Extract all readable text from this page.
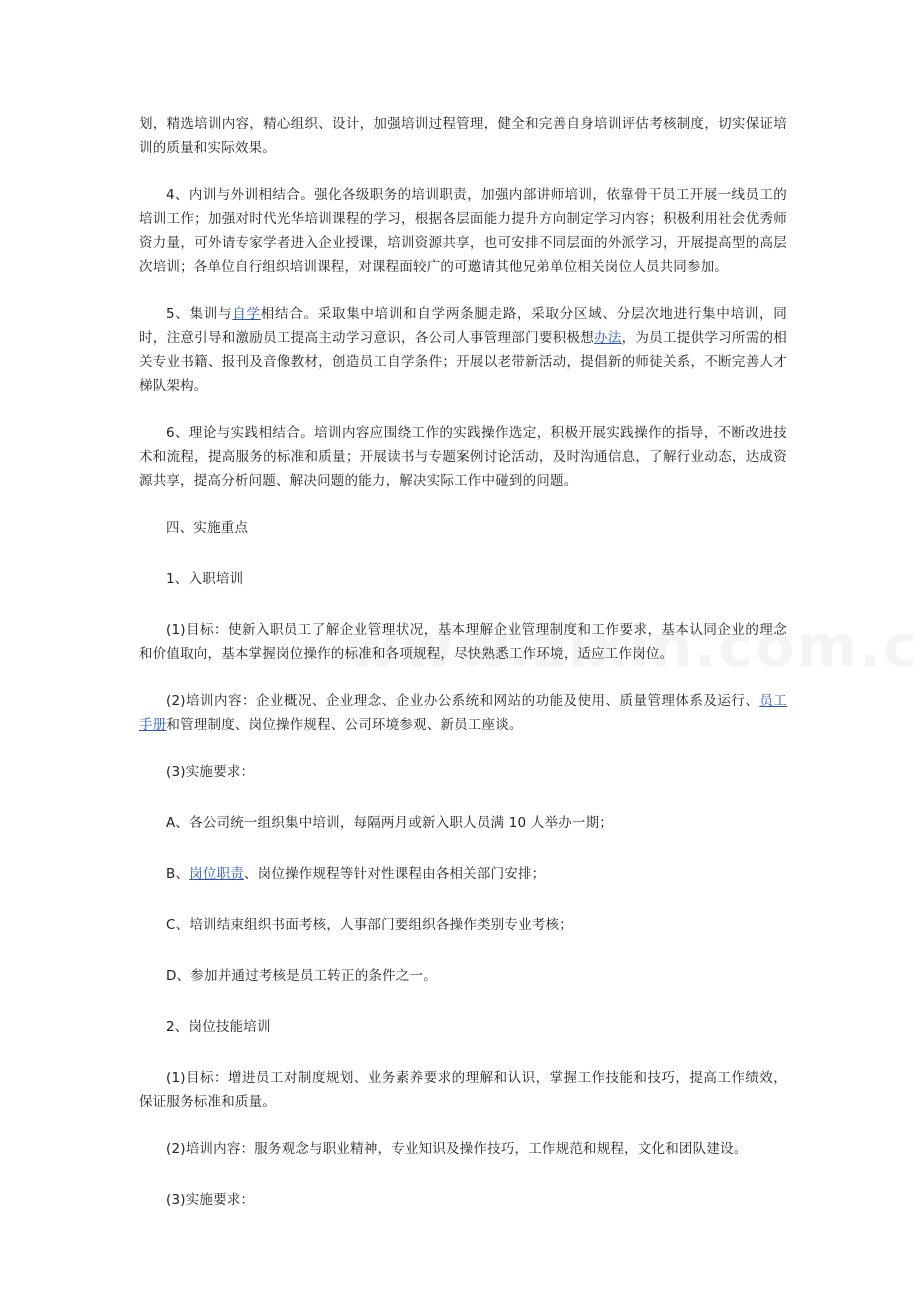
划，精选培训内容，精心组织、设计，加强培训过程管理，健全和完善自身培训评估考核制度，切实保证培训的质量和实际效果。

4、内训与外训相结合。强化各级职务的培训职责，加强内部讲师培训，依靠骨干员工开展一线员工的培训工作；加强对时代光华培训课程的学习，根据各层面能力提升方向制定学习内容；积极利用社会优秀师资力量，可外请专家学者进入企业授课，培训资源共享，也可安排不同层面的外派学习，开展提高型的高层次培训；各单位自行组织培训课程，对课程面较广的可邀请其他兄弟单位相关岗位人员共同参加。

5、集训与自学相结合。采取集中培训和自学两条腿走路，采取分区域、分层次地进行集中培训，同时，注意引导和激励员工提高主动学习意识，各公司人事管理部门要积极想办法，为员工提供学习所需的相关专业书籍、报刊及音像教材，创造员工自学条件；开展以老带新活动，提倡新的师徒关系，不断完善人才梯队架构。

6、理论与实践相结合。培训内容应围绕工作的实践操作选定，积极开展实践操作的指导，不断改进技术和流程，提高服务的标准和质量；开展读书与专题案例讨论活动，及时沟通信息，了解行业动态，达成资源共享，提高分析问题、解决问题的能力，解决实际工作中碰到的问题。

四、实施重点

1、入职培训

(1)目标：使新入职员工了解企业管理状况，基本理解企业管理制度和工作要求，基本认同企业的理念和价值取向，基本掌握岗位操作的标准和各项规程，尽快熟悉工作环境，适应工作岗位。

(2)培训内容：企业概况、企业理念、企业办公系统和网站的功能及使用、质量管理体系及运行、员工手册和管理制度、岗位操作规程、公司环境参观、新员工座谈。

(3)实施要求：

A、各公司统一组织集中培训，每隔两月或新入职人员满 10 人举办一期；

B、岗位职责、岗位操作规程等针对性课程由各相关部门安排；

C、培训结束组织书面考核，人事部门要组织各操作类别专业考核；

D、参加并通过考核是员工转正的条件之一。

2、岗位技能培训

(1)目标：增进员工对制度规划、业务素养要求的理解和认识，掌握工作技能和技巧，提高工作绩效，保证服务标准和质量。

(2)培训内容：服务观念与职业精神，专业知识及操作技巧，工作规范和规程，文化和团队建设。

(3)实施要求：
